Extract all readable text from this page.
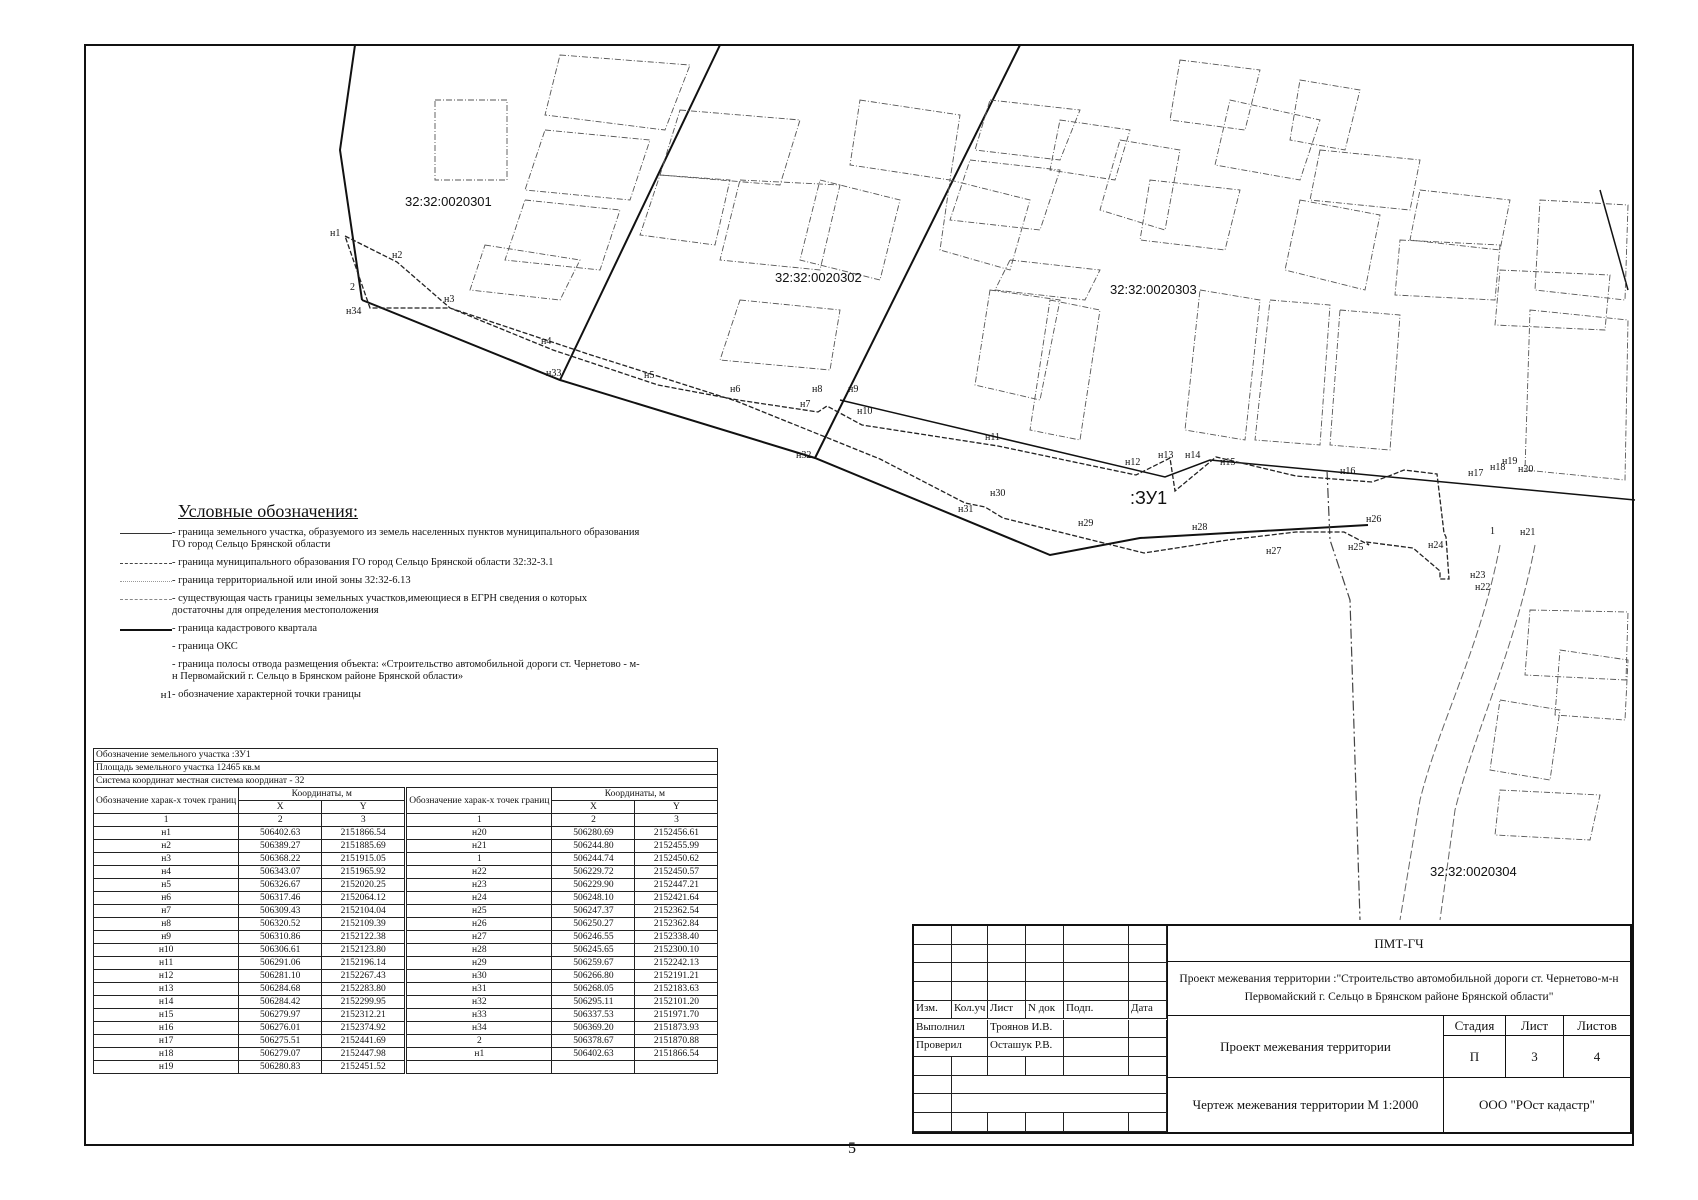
32:32:0020301
32:32:0020302
32:32:0020303
32:32:0020304
:ЗУ1
н1
н2
н3
н4
н5
н6
н7
н8	н9
н10
н11
н12
н13 н14
н15
н16	н17
н18
н19
н20
н21
1
н22
н23
н24
н25
н26
н27
н28
н29
н30
н31
н32
н33
н34
2
Условные обозначения:
- граница земельного участка, образуемого из земель населенных пунктов муниципального образования ГО город Сельцо Брянской области
- граница муниципального образования ГО город Сельцо Брянской области 32:32-3.1
- граница территориальной или иной зоны 32:32-6.13
- существующая часть границы земельных участков,имеющиеся в ЕГРН сведения о которых достаточны для определения местоположения
- граница кадастрового квартала
- граница ОКС
- граница полосы отвода размещения объекта: «Строительство автомобильной дороги ст. Чернетово - м-н Первомайский г. Сельцо в Брянском районе Брянской области»
н1 - обозначение характерной точки границы
Обозначение земельного участка :ЗУ1					
Площадь земельного участка 12465 кв.м					
Система координат местная система координат - 32					
Обозначение харак-х точек границ	Координаты, м		Обозначение харак-х точек границ	Координаты, м	
	X	Y		X	Y
1	2	3	1	2	3
н1	506402.63	2151866.54	н20	506280.69	2152456.61
н2	506389.27	2151885.69	н21	506244.80	2152455.99
н3	506368.22	2151915.05	1	506244.74	2152450.62
н4	506343.07	2151965.92	н22	506229.72	2152450.57
н5	506326.67	2152020.25	н23	506229.90	2152447.21
н6	506317.46	2152064.12	н24	506248.10	2152421.64
н7	506309.43	2152104.04	н25	506247.37	2152362.54
н8	506320.52	2152109.39	н26	506250.27	2152362.84
н9	506310.86	2152122.38	н27	506246.55	2152338.40
н10	506306.61	2152123.80	н28	506245.65	2152300.10
н11	506291.06	2152196.14	н29	506259.67	2152242.13
н12	506281.10	2152267.43	н30	506266.80	2152191.21
н13	506284.68	2152283.80	н31	506268.05	2152183.63
н14	506284.42	2152299.95	н32	506295.11	2152101.20
н15	506279.97	2152312.21	н33	506337.53	2151971.70
н16	506276.01	2152374.92	н34	506369.20	2151873.93
н17	506275.51	2152441.69	2	506378.67	2151870.88
н18	506279.07	2152447.98	н1	506402.63	2151866.54
н19	506280.83	2152451.52			
Изм.	Кол.уч Лист	N док Подп.	Дата
Выполнил	Троянов И.В.
Проверил	Осташук Р.В.
ПМТ-ГЧ
Проект межевания территории :"Строительство автомобильной дороги ст. Чернетово-м-н Первомайский г. Сельцо в Брянском районе Брянской области"
Проект межевания территории
Стадия	Лист	Листов
П	3	4
Чертеж межевания территории М 1:2000	ООО "РОст кадастр"
5
